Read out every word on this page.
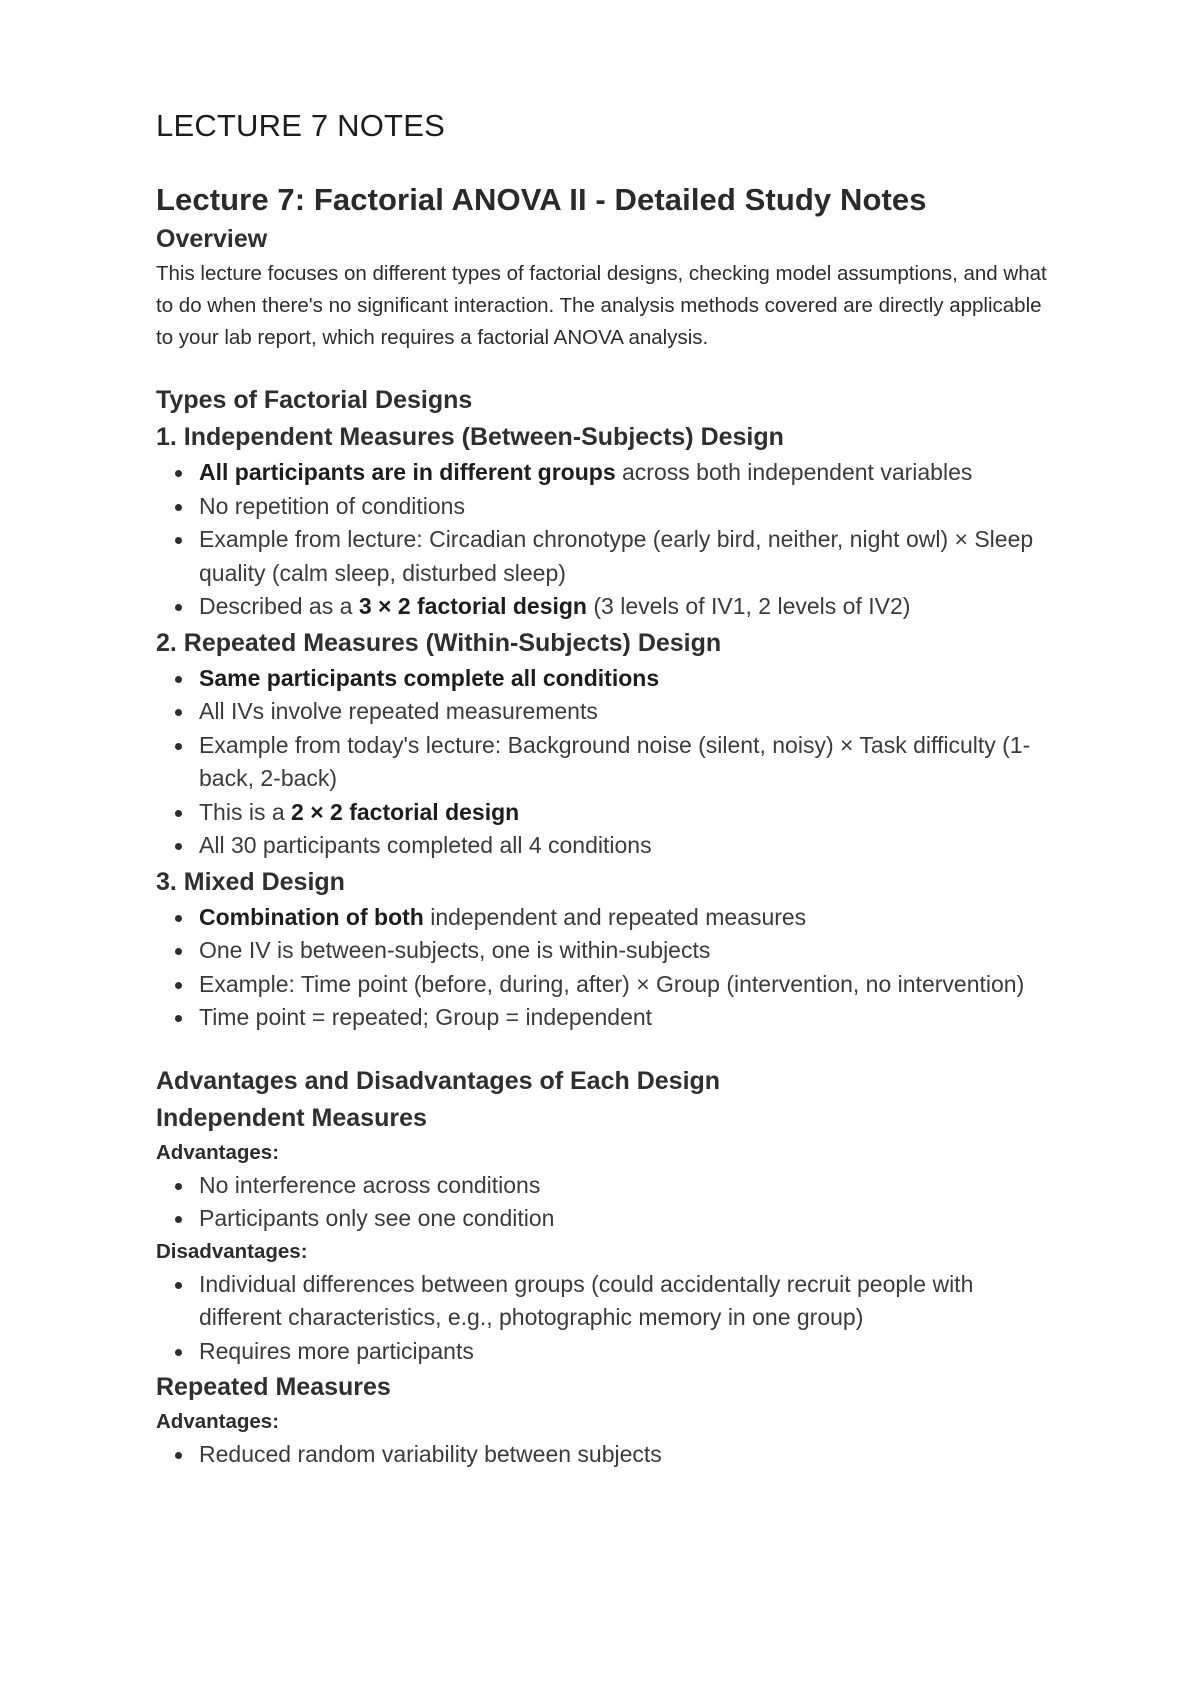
LECTURE 7 NOTES
Lecture 7: Factorial ANOVA II - Detailed Study Notes
Overview

This lecture focuses on different types of factorial designs, checking model assumptions, and what to do when there's no significant interaction. The analysis methods covered are directly applicable to your lab report, which requires a factorial ANOVA analysis.

Types of Factorial Designs
1. Independent Measures (Between-Subjects) Design
All participants are in different groups across both independent variables
No repetition of conditions
Example from lecture: Circadian chronotype (early bird, neither, night owl) × Sleep quality (calm sleep, disturbed sleep)
Described as a 3 × 2 factorial design (3 levels of IV1, 2 levels of IV2)
2. Repeated Measures (Within-Subjects) Design
Same participants complete all conditions
All IVs involve repeated measurements
Example from today's lecture: Background noise (silent, noisy) × Task difficulty (1-back, 2-back)
This is a 2 × 2 factorial design
All 30 participants completed all 4 conditions
3. Mixed Design
Combination of both independent and repeated measures
One IV is between-subjects, one is within-subjects
Example: Time point (before, during, after) × Group (intervention, no intervention)
Time point = repeated; Group = independent
Advantages and Disadvantages of Each Design
Independent Measures

Advantages:

No interference across conditions
Participants only see one condition

Disadvantages:

Individual differences between groups (could accidentally recruit people with different characteristics, e.g., photographic memory in one group)
Requires more participants
Repeated Measures

Advantages:

Reduced random variability between subjects
